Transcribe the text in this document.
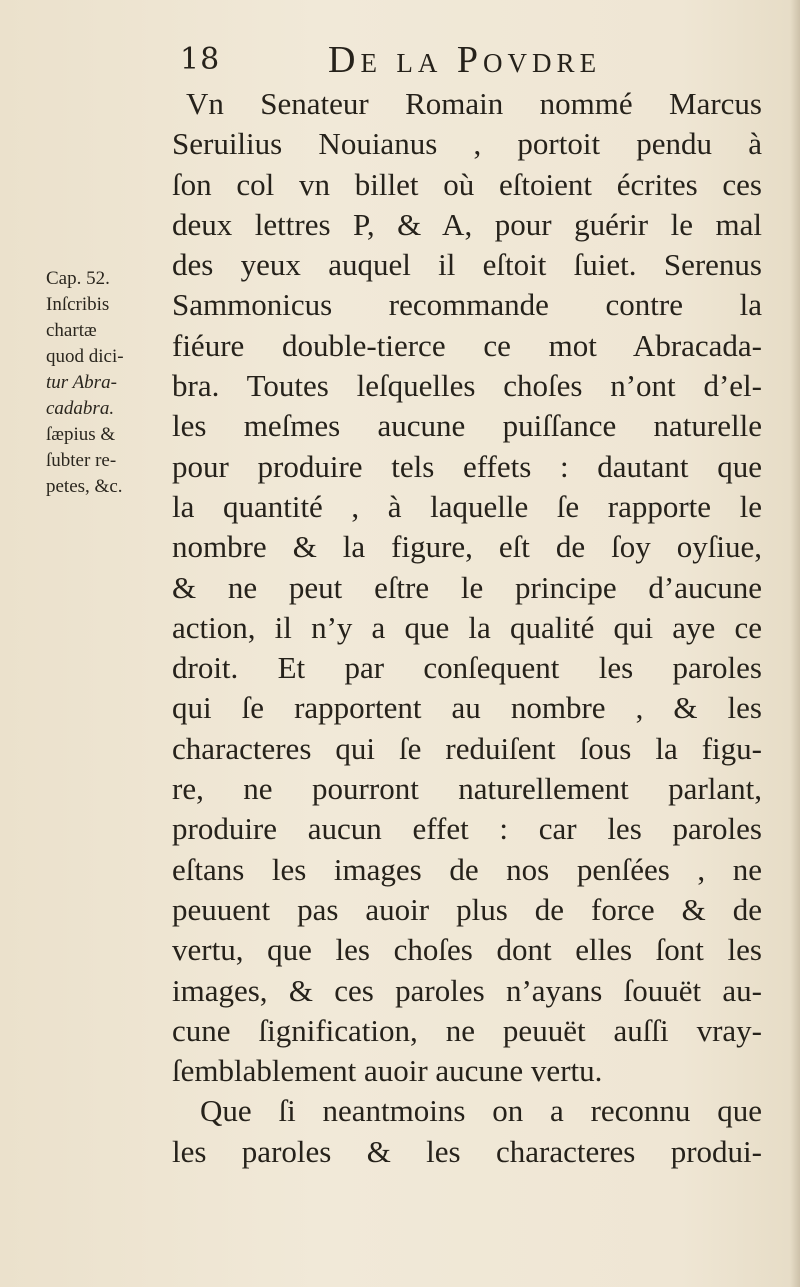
18	De la Povdre
Cap. 52.
Inſcribis
chartæ
quod dici-
tur Abra-
cadabra.
ſæpius &
ſubter re-
petes, &c.
Vn Senateur Romain nommé Marcus
Seruilius Nouianus , portoit pendu à
ſon col vn billet où eſtoient écrites ces
deux lettres P, & A, pour guérir le mal
des yeux auquel il eſtoit ſuiet. Serenus
Sammonicus recommande contre la
fiéure double-tierce ce mot Abracada-
bra. Toutes leſquelles choſes n’ont d’el-
les meſmes aucune puiſſance naturelle
pour produire tels effets : dautant que
la quantité , à laquelle ſe rapporte le
nombre & la figure, eſt de ſoy oyſiue,
& ne peut eſtre le principe d’aucune
action, il n’y a que la qualité qui aye ce
droit. Et par conſequent les paroles
qui ſe rapportent au nombre , & les
characteres qui ſe reduiſent ſous la figu-
re, ne pourront naturellement parlant,
produire aucun effet : car les paroles
eſtans les images de nos penſées , ne
peuuent pas auoir plus de force & de
vertu, que les choſes dont elles ſont les
images, & ces paroles n’ayans ſouuët au-
cune ſignification, ne peuuët auſſi vray-
ſemblablement auoir aucune vertu.
Que ſi neantmoins on a reconnu que
les paroles & les characteres produi-
